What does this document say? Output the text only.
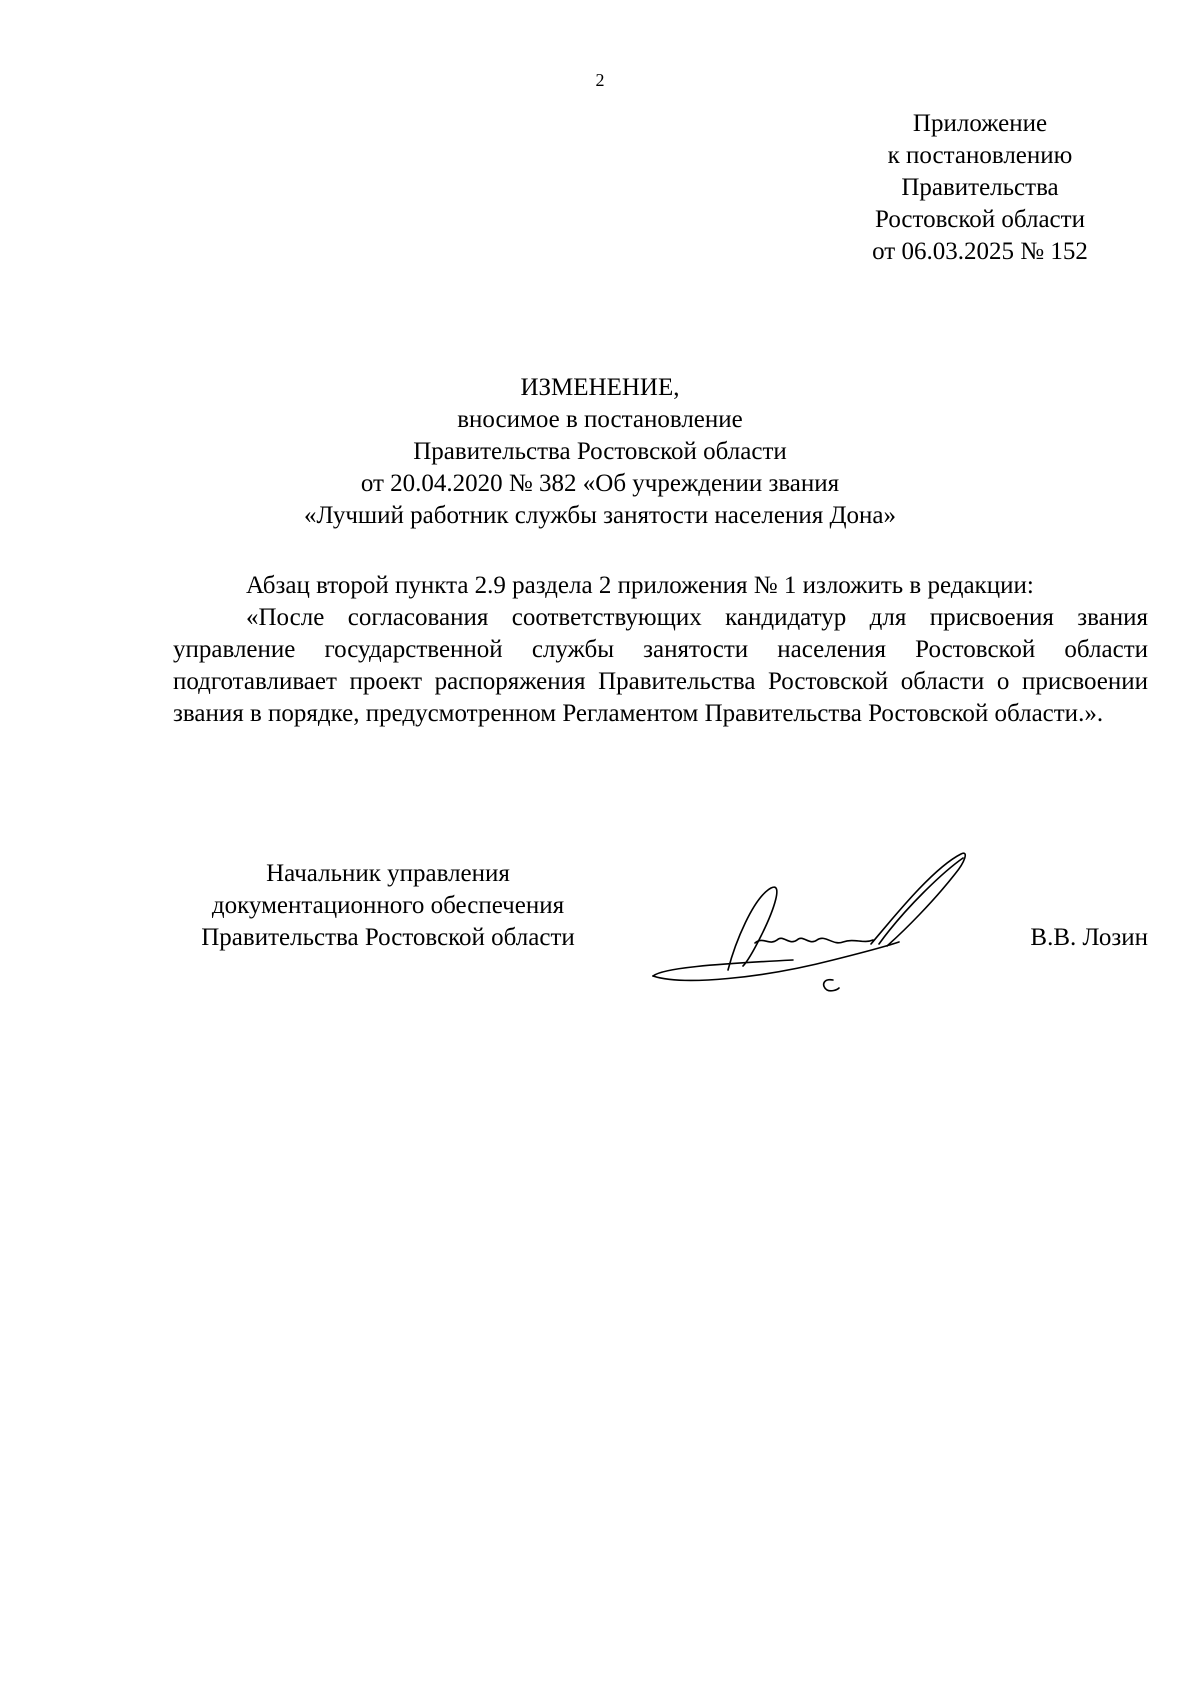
2
Приложение
к постановлению
Правительства
Ростовской области
от 06.03.2025 № 152
ИЗМЕНЕНИЕ,
вносимое в постановление
Правительства Ростовской области
от 20.04.2020 № 382 «Об учреждении звания
«Лучший работник службы занятости населения Дона»
Абзац второй пункта 2.9 раздела 2 приложения № 1 изложить в редакции:

«После согласования соответствующих кандидатур для присвоения звания управление государственной службы занятости населения Ростовской области подготавливает проект распоряжения Правительства Ростовской области о присвоении звания в порядке, предусмотренном Регламентом Правительства Ростовской области.».

Начальник управления
документационного обеспечения
Правительства Ростовской области	В.В. Лозин
